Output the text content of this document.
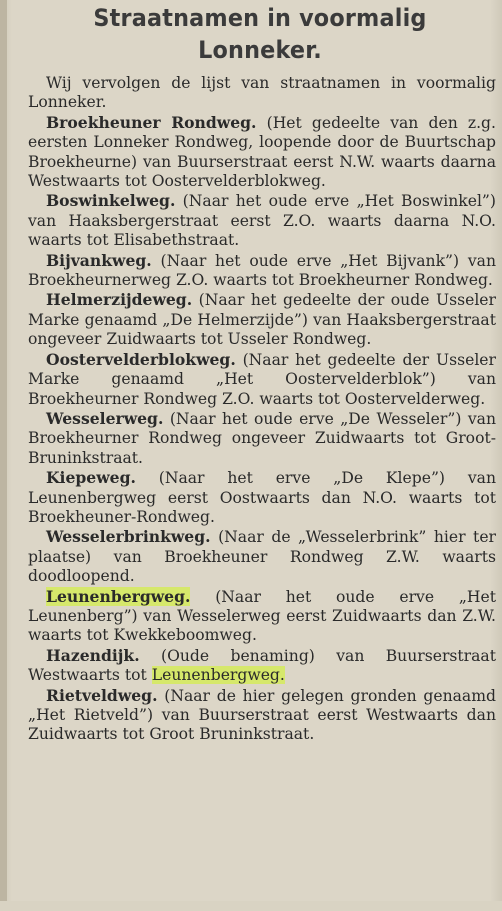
Straatnamen in voormalig
Lonneker.

Wij vervolgen de lijst van straatnamen in voormalig Lonneker.

Broekheuner Rondweg. (Het gedeelte van den z.g. eersten Lonneker Rondweg, loopende door de Buurtschap Broekheurne) van Buurserstraat eerst N.W. waarts daarna Westwaarts tot Oostervelderblokweg.

Boswinkelweg. (Naar het oude erve „Het Boswinkel”) van Haaksbergerstraat eerst Z.O. waarts daarna N.O. waarts tot Elisabethstraat.

Bijvankweg. (Naar het oude erve „Het Bijvank”) van Broekheurnerweg Z.O. waarts tot Broekheurner Rondweg.

Helmerzijdeweg. (Naar het gedeelte der oude Usseler Marke genaamd „De Helmerzijde”) van Haaksbergerstraat ongeveer Zuidwaarts tot Usseler Rondweg.

Oostervelderblokweg. (Naar het gedeelte der Usseler Marke genaamd „Het Oostervelderblok”) van Broekheurner Rondweg Z.O. waarts tot Oostervelderweg.

Wesselerweg. (Naar het oude erve „De Wesseler”) van Broekheurner Rondweg ongeveer Zuidwaarts tot Groot-Bruninkstraat.

Kiepeweg. (Naar het erve „De Klepe”) van Leunenbergweg eerst Oostwaarts dan N.O. waarts tot Broekheuner-Rondweg.

Wesselerbrinkweg. (Naar de „Wesselerbrink” hier ter plaatse) van Broekheuner Rondweg Z.W. waarts doodloopend.

Leunenbergweg. (Naar het oude erve „Het Leunenberg”) van Wesselerweg eerst Zuidwaarts dan Z.W. waarts tot Kwekkeboomweg.

Hazendijk. (Oude benaming) van Buurserstraat Westwaarts tot Leunenbergweg.

Rietveldweg. (Naar de hier gelegen gronden genaamd „Het Rietveld”) van Buurserstraat eerst Westwaarts dan Zuidwaarts tot Groot Bruninkstraat.
